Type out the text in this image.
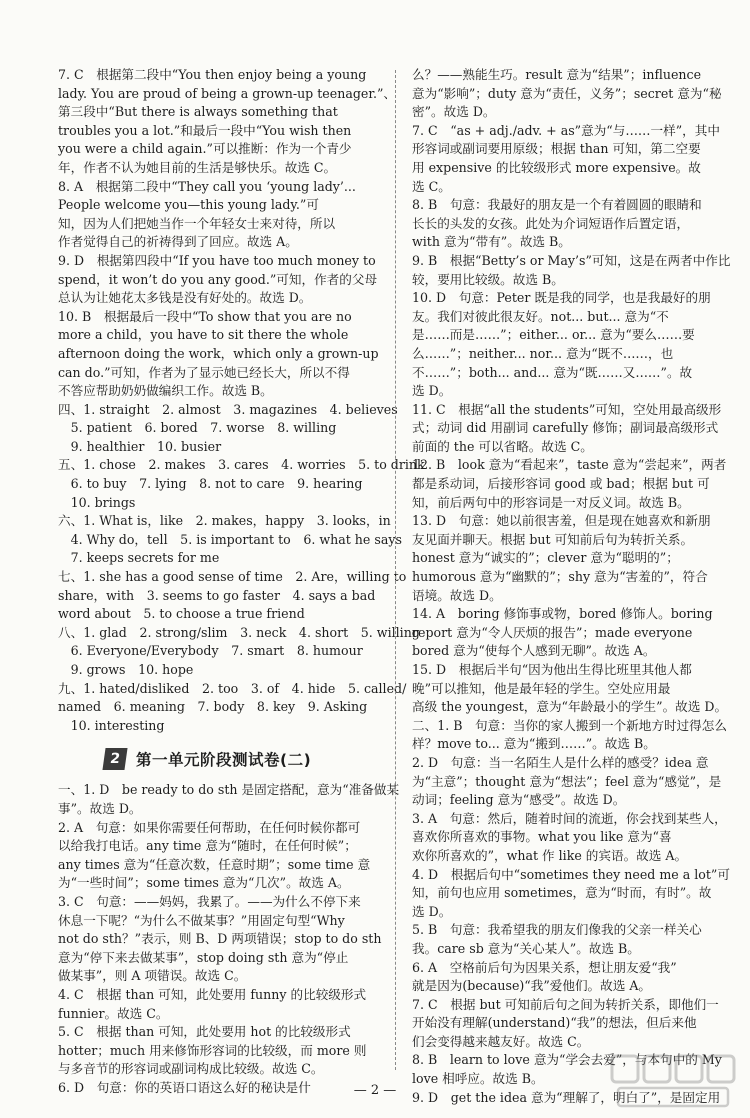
7. C　根据第二段中“You then enjoy being a young
lady. You are proud of being a grown-up teenager.”、
第三段中“But there is always something that
troubles you a lot.”和最后一段中“You wish then
you were a child again.”可以推断：作为一个青少
年，作者不认为她目前的生活是够快乐。故选 C。
8. A　根据第二段中“They call you ‘young lady’...
People welcome you—this young lady.”可
知，因为人们把她当作一个年轻女士来对待，所以
作者觉得自己的祈祷得到了回应。故选 A。
9. D　根据第四段中“If you have too much money to
spend，it won’t do you any good.”可知，作者的父母
总认为让她花太多钱是没有好处的。故选 D。
10. B　根据最后一段中“To show that you are no
more a child，you have to sit there the whole
afternoon doing the work，which only a grown-up
can do.”可知，作者为了显示她已经长大，所以不得
不答应帮助奶奶做编织工作。故选 B。
四、1. straight　2. almost　3. magazines　4. believes
　5. patient　6. bored　7. worse　8. willing
　9. healthier　10. busier
五、1. chose　2. makes　3. cares　4. worries　5. to drink
　6. to buy　7. lying　8. not to care　9. hearing
　10. brings
六、1. What is，like　2. makes，happy　3. looks，in
　4. Why do，tell　5. is important to　6. what he says
　7. keeps secrets for me
七、1. she has a good sense of time　2. Are，willing to
share，with　3. seems to go faster　4. says a bad
word about　5. to choose a true friend
八、1. glad　2. strong/slim　3. neck　4. short　5. willing
　6. Everyone/Everybody　7. smart　8. humour
　9. grows　10. hope
九、1. hated/disliked　2. too　3. of　4. hide　5. called/
named　6. meaning　7. body　8. key　9. Asking
　10. interesting
2 第一单元阶段测试卷(二)
一、1. D　be ready to do sth 是固定搭配，意为“准备做某
事”。故选 D。
2. A　句意：如果你需要任何帮助，在任何时候你都可
以给我打电话。any time 意为“随时，在任何时候”；
any times 意为“任意次数，任意时期”；some time 意
为“一些时间”；some times 意为“几次”。故选 A。
3. C　句意：——妈妈，我累了。——为什么不停下来
休息一下呢？“为什么不做某事？”用固定句型“Why
not do sth？”表示，则 B、D 两项错误；stop to do sth
意为“停下来去做某事”，stop doing sth 意为“停止
做某事”，则 A 项错误。故选 C。
4. C　根据 than 可知，此处要用 funny 的比较级形式
funnier。故选 C。
5. C　根据 than 可知，此处要用 hot 的比较级形式
hotter；much 用来修饰形容词的比较级，而 more 则
与多音节的形容词或副词构成比较级。故选 C。
6. D　句意：你的英语口语这么好的秘诀是什
么？——熟能生巧。result 意为“结果”；influence
意为“影响”；duty 意为“责任，义务”；secret 意为“秘
密”。故选 D。
7. C　“as + adj./adv. + as”意为“与……一样”，其中
形容词或副词要用原级；根据 than 可知，第二空要
用 expensive 的比较级形式 more expensive。故
选 C。
8. B　句意：我最好的朋友是一个有着圆圆的眼睛和
长长的头发的女孩。此处为介词短语作后置定语，
with 意为“带有”。故选 B。
9. B　根据“Betty’s or May’s”可知，这是在两者中作比
较，要用比较级。故选 B。
10. D　句意：Peter 既是我的同学，也是我最好的朋
友。我们对彼此很友好。not... but... 意为“不
是……而是……”；either... or... 意为“要么……要
么……”；neither... nor... 意为“既不……，也
不……”；both... and... 意为“既……又……”。故
选 D。
11. C　根据“all the students”可知，空处用最高级形
式；动词 did 用副词 carefully 修饰；副词最高级形式
前面的 the 可以省略。故选 C。
12. B　look 意为“看起来”，taste 意为“尝起来”，两者
都是系动词，后接形容词 good 或 bad；根据 but 可
知，前后两句中的形容词是一对反义词。故选 B。
13. D　句意：她以前很害羞，但是现在她喜欢和新朋
友见面并聊天。根据 but 可知前后句为转折关系。
honest 意为“诚实的”；clever 意为“聪明的”；
humorous 意为“幽默的”；shy 意为“害羞的”，符合
语境。故选 D。
14. A　boring 修饰事或物，bored 修饰人。boring
report 意为“令人厌烦的报告”；made everyone
bored 意为“使每个人感到无聊”。故选 A。
15. D　根据后半句“因为他出生得比班里其他人都
晚”可以推知，他是最年轻的学生。空处应用最
高级 the youngest，意为“年龄最小的学生”。故选 D。
二、1. B　句意：当你的家人搬到一个新地方时过得怎么
样？move to... 意为“搬到……”。故选 B。
2. D　句意：当一名陌生人是什么样的感受？idea 意
为“主意”；thought 意为“想法”；feel 意为“感觉”，是
动词；feeling 意为“感受”。故选 D。
3. A　句意：然后，随着时间的流逝，你会找到某些人，
喜欢你所喜欢的事物。what you like 意为“喜
欢你所喜欢的”，what 作 like 的宾语。故选 A。
4. D　根据后句中“sometimes they need me a lot”可
知，前句也应用 sometimes，意为“时而，有时”。故
选 D。
5. B　句意：我希望我的朋友们像我的父亲一样关心
我。care sb 意为“关心某人”。故选 B。
6. A　空格前后句为因果关系，想让朋友爱“我”
就是因为(because)“我”爱他们。故选 A。
7. C　根据 but 可知前后句之间为转折关系，即他们一
开始没有理解(understand)“我”的想法，但后来他
们会变得越来越友好。故选 C。
8. B　learn to love 意为“学会去爱”，与本句中的 My
love 相呼应。故选 B。
9. D　get the idea 意为“理解了，明白了”，是固定用
— 2 —
